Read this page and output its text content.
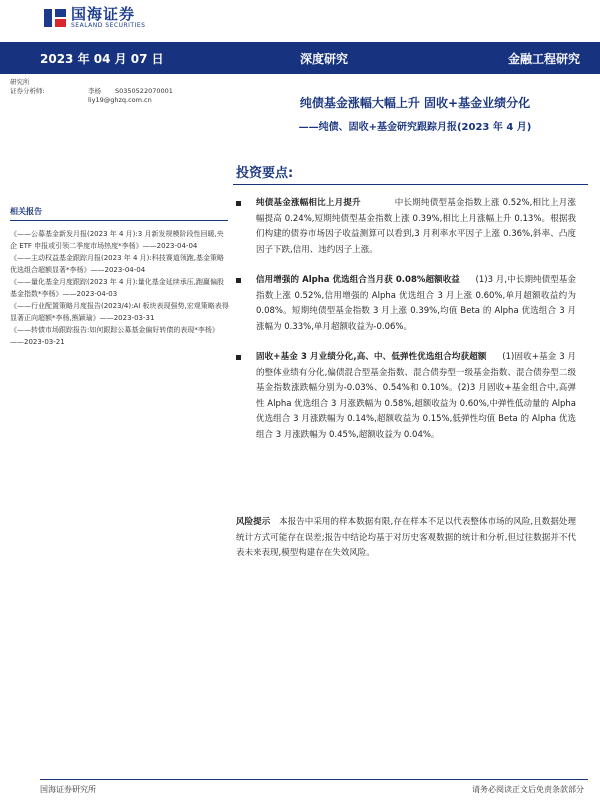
国海证券
SEALAND SECURITIES
2023 年 04 月 07 日	深度研究	金融工程研究
研究所
证券分析师:	李杨	S0350522070001
liy19@ghzq.com.cn	纯债基金涨幅大幅上升 固收+基金业绩分化
——纯债、固收+基金研究跟踪月报(2023 年 4 月)
投资要点:
相关报告
《——公募基金新发月报(2023 年 4 月):3 月新发规模阶段性回暖,央企 ETF 申报或引领二季度市场热度*李杨》——2023-04-04
《——主动权益基金跟踪月报(2023 年 4 月):科技赛道领跑,基金策略优选组合超额显著*李杨》——2023-04-04
《——量化基金月度跟踪(2023 年 4 月):量化基金延续承压,跑赢偏股基金指数*李杨》——2023-04-03
《——行业配置策略月度报告(2023/4):AI 板块表现强势,宏观策略表得显著正向超额*李杨,熊颖瑜》——2023-03-31
《——转债市场跟踪报告:如何跟踪公募基金偏好转债的表现*李杨》——2023-03-21
纯债基金涨幅相比上月提升	中长期纯债型基金指数上涨 0.52%,相比上月涨幅提高 0.24%,短期纯债型基金指数上涨 0.39%,相比上月涨幅上升 0.13%。根据我们构建的债券市场因子收益测算可以看到,3 月利率水平因子上涨 0.36%,斜率、凸度因子下跌,信用、违约因子上涨。
信用增强的 Alpha 优选组合当月获 0.08%超额收益 (1)3 月,中长期纯债型基金指数上涨 0.52%,信用增强的 Alpha 优选组合 3 月上涨 0.60%,单月超额收益约为 0.08%。短期纯债型基金指数 3 月上涨 0.39%,均值 Beta 的 Alpha 优选组合 3 月涨幅为 0.33%,单月超额收益为-0.06%。
固收+基金 3 月业绩分化,高、中、低弹性优选组合均获超额 (1)固收+基金 3 月的整体业绩有分化,偏债混合型基金指数、混合债券型一级基金指数、混合债券型二级基金指数涨跌幅分别为-0.03%、0.54%和 0.10%。(2)3 月固收+基金组合中,高弹性 Alpha 优选组合 3 月涨跌幅为 0.58%,超额收益为 0.60%,中弹性低动量的 Alpha 优选组合 3 月涨跌幅为 0.14%,超额收益为 0.15%,低弹性均值 Beta 的 Alpha 优选组合 3 月涨跌幅为 0.45%,超额收益为 0.04%。
风险提示 本报告中采用的样本数据有限,存在样本不足以代表整体市场的风险,且数据处理统计方式可能存在误差;报告中结论均基于对历史客观数据的统计和分析,但过往数据并不代表未来表现,模型构建存在失效风险。
国海证券研究所	请务必阅读正文后免责条款部分
